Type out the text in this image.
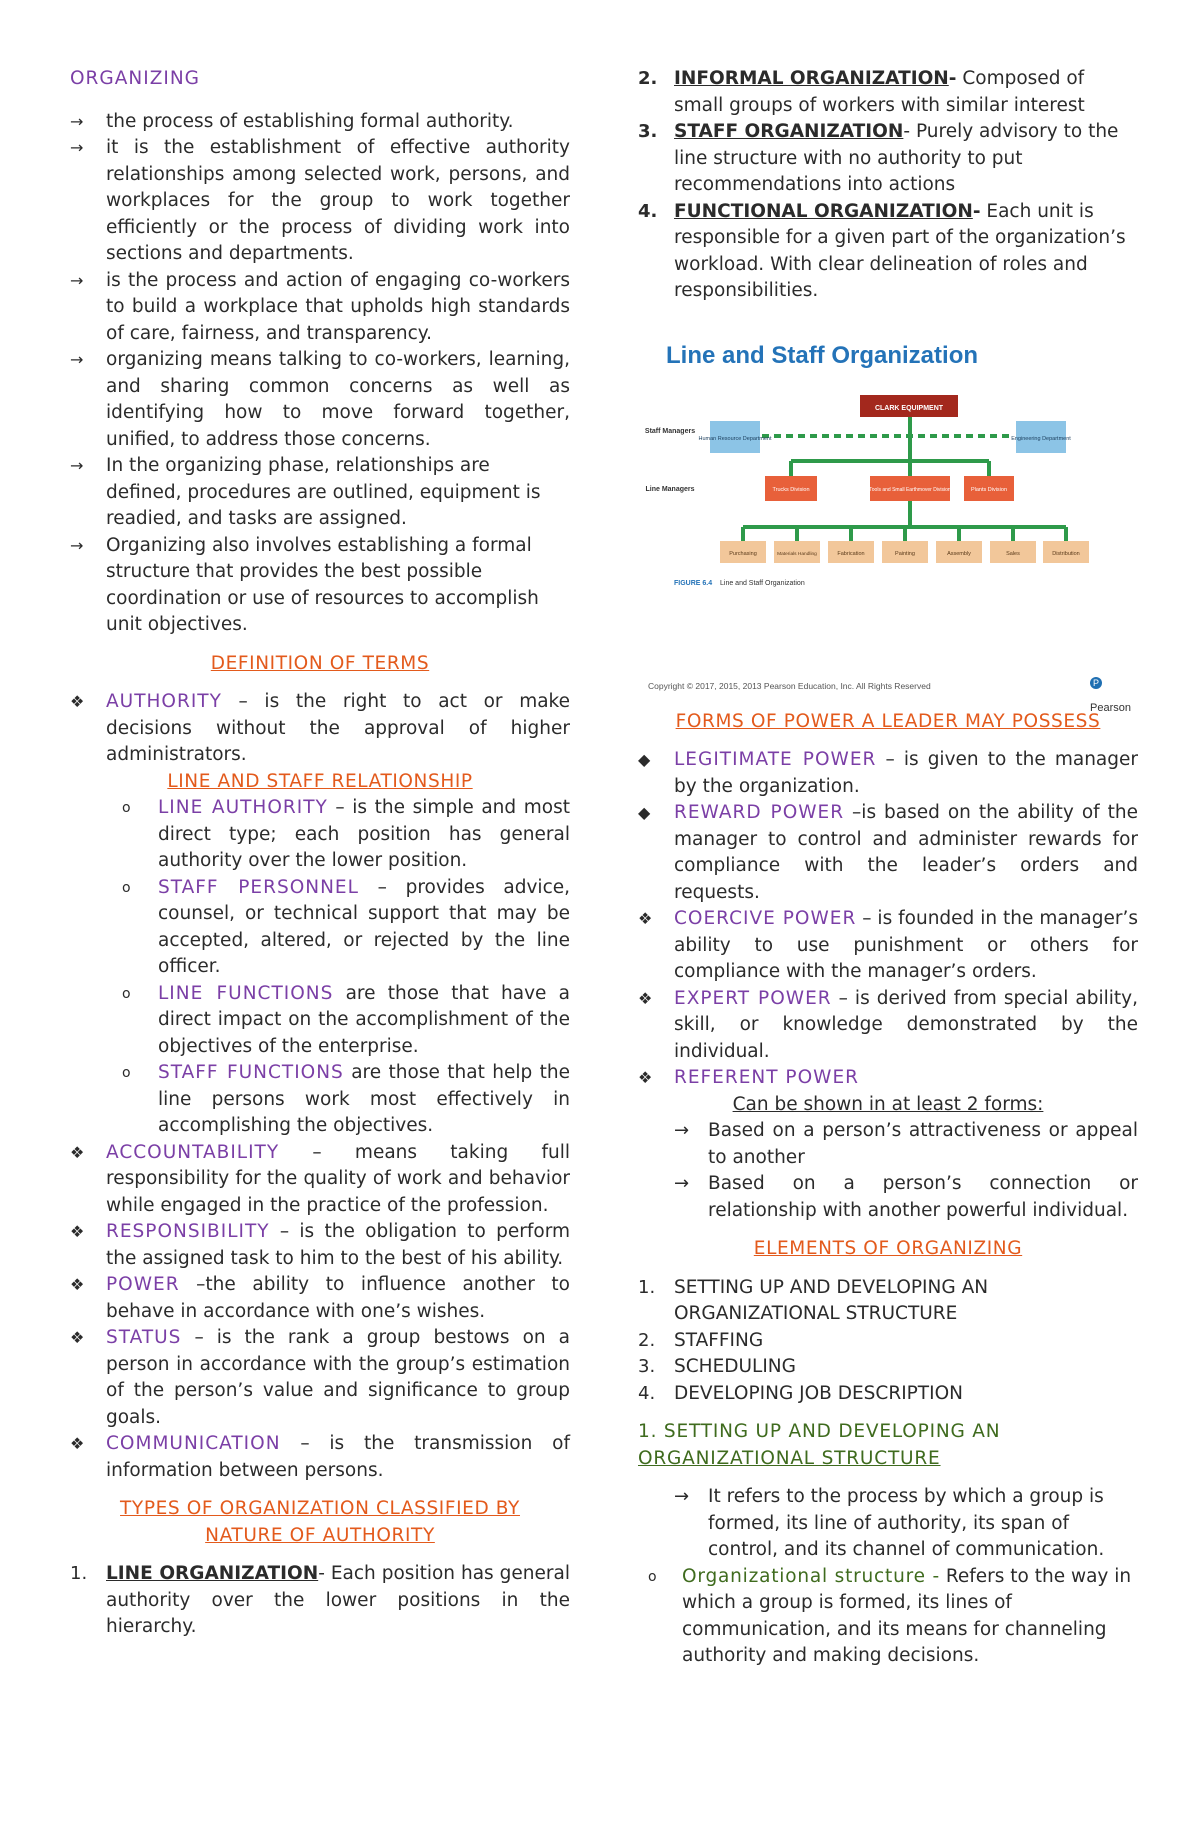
ORGANIZING
→	the process of establishing formal authority.
→	it is the establishment of effective authority relationships among selected work, persons, and workplaces for the group to work together efficiently or the process of dividing work into sections and departments.
→	is the process and action of engaging co-workers to build a workplace that upholds high standards of care, fairness, and transparency.
→	organizing means talking to co-workers, learning, and sharing common concerns as well as identifying how to move forward together, unified, to address those concerns.
→	In the organizing phase, relationships are defined, procedures are outlined, equipment is readied, and tasks are assigned.
→	Organizing also involves establishing a formal structure that provides the best possible coordination or use of resources to accomplish unit objectives.
DEFINITION OF TERMS
❖	AUTHORITY – is the right to act or make decisions without the approval of higher administrators.
LINE AND STAFF RELATIONSHIP
o	LINE AUTHORITY – is the simple and most direct type; each position has general authority over the lower position.
o	STAFF PERSONNEL – provides advice, counsel, or technical support that may be accepted, altered, or rejected by the line officer.
o	LINE FUNCTIONS are those that have a direct impact on the accomplishment of the objectives of the enterprise.
o	STAFF FUNCTIONS are those that help the line persons work most effectively in accomplishing the objectives.
❖	ACCOUNTABILITY – means taking full responsibility for the quality of work and behavior while engaged in the practice of the profession.
❖	RESPONSIBILITY – is the obligation to perform the assigned task to him to the best of his ability.
❖	POWER –the ability to influence another to behave in accordance with one’s wishes.
❖	STATUS – is the rank a group bestows on a person in accordance with the group’s estimation of the person’s value and significance to group goals.
❖	COMMUNICATION – is the transmission of information between persons.
TYPES OF ORGANIZATION CLASSIFIED BY
NATURE OF AUTHORITY
1.	LINE ORGANIZATION- Each position has general authority over the lower positions in the hierarchy.
2. INFORMAL ORGANIZATION- Composed of small groups of workers with similar interest
3. STAFF ORGANIZATION- Purely advisory to the line structure with no authority to put recommendations into actions
4. FUNCTIONAL ORGANIZATION- Each unit is responsible for a given part of the organization’s workload. With clear delineation of roles and responsibilities.
Line and Staff Organization
CLARK EQUIPMENT
Staff Managers
Line Managers
Human Resource Department	Engineering Department
Trucks Division	Tools and Small Earthmover Division	Plants Division
Purchasing	Materials Handling	Fabrication	Painting	Assembly	Sales	Distribution
FIGURE 6.4 Line and Staff Organization
Copyright © 2017, 2015, 2013 Pearson Education, Inc. All Rights Reserved	PPearson
FORMS OF POWER A LEADER MAY POSSESS
◆	LEGITIMATE POWER – is given to the manager by the organization.
◆	REWARD POWER –is based on the ability of the manager to control and administer rewards for compliance with the leader’s orders and requests.
❖	COERCIVE POWER – is founded in the manager’s ability to use punishment or others for compliance with the manager’s orders.
❖	EXPERT POWER – is derived from special ability, skill, or knowledge demonstrated by the individual.
❖	REFERENT POWER
Can be shown in at least 2 forms:
→	Based on a person’s attractiveness or appeal to another
→	Based on a person’s connection or relationship with another powerful individual.
ELEMENTS OF ORGANIZING
1.	SETTING UP AND DEVELOPING AN ORGANIZATIONAL STRUCTURE
2.	STAFFING
3.	SCHEDULING
4.	DEVELOPING JOB DESCRIPTION
1. SETTING UP AND DEVELOPING AN
ORGANIZATIONAL STRUCTURE
→	It refers to the process by which a group is formed, its line of authority, its span of control, and its channel of communication.
o	Organizational structure - Refers to the way in which a group is formed, its lines of communication, and its means for channeling authority and making decisions.
